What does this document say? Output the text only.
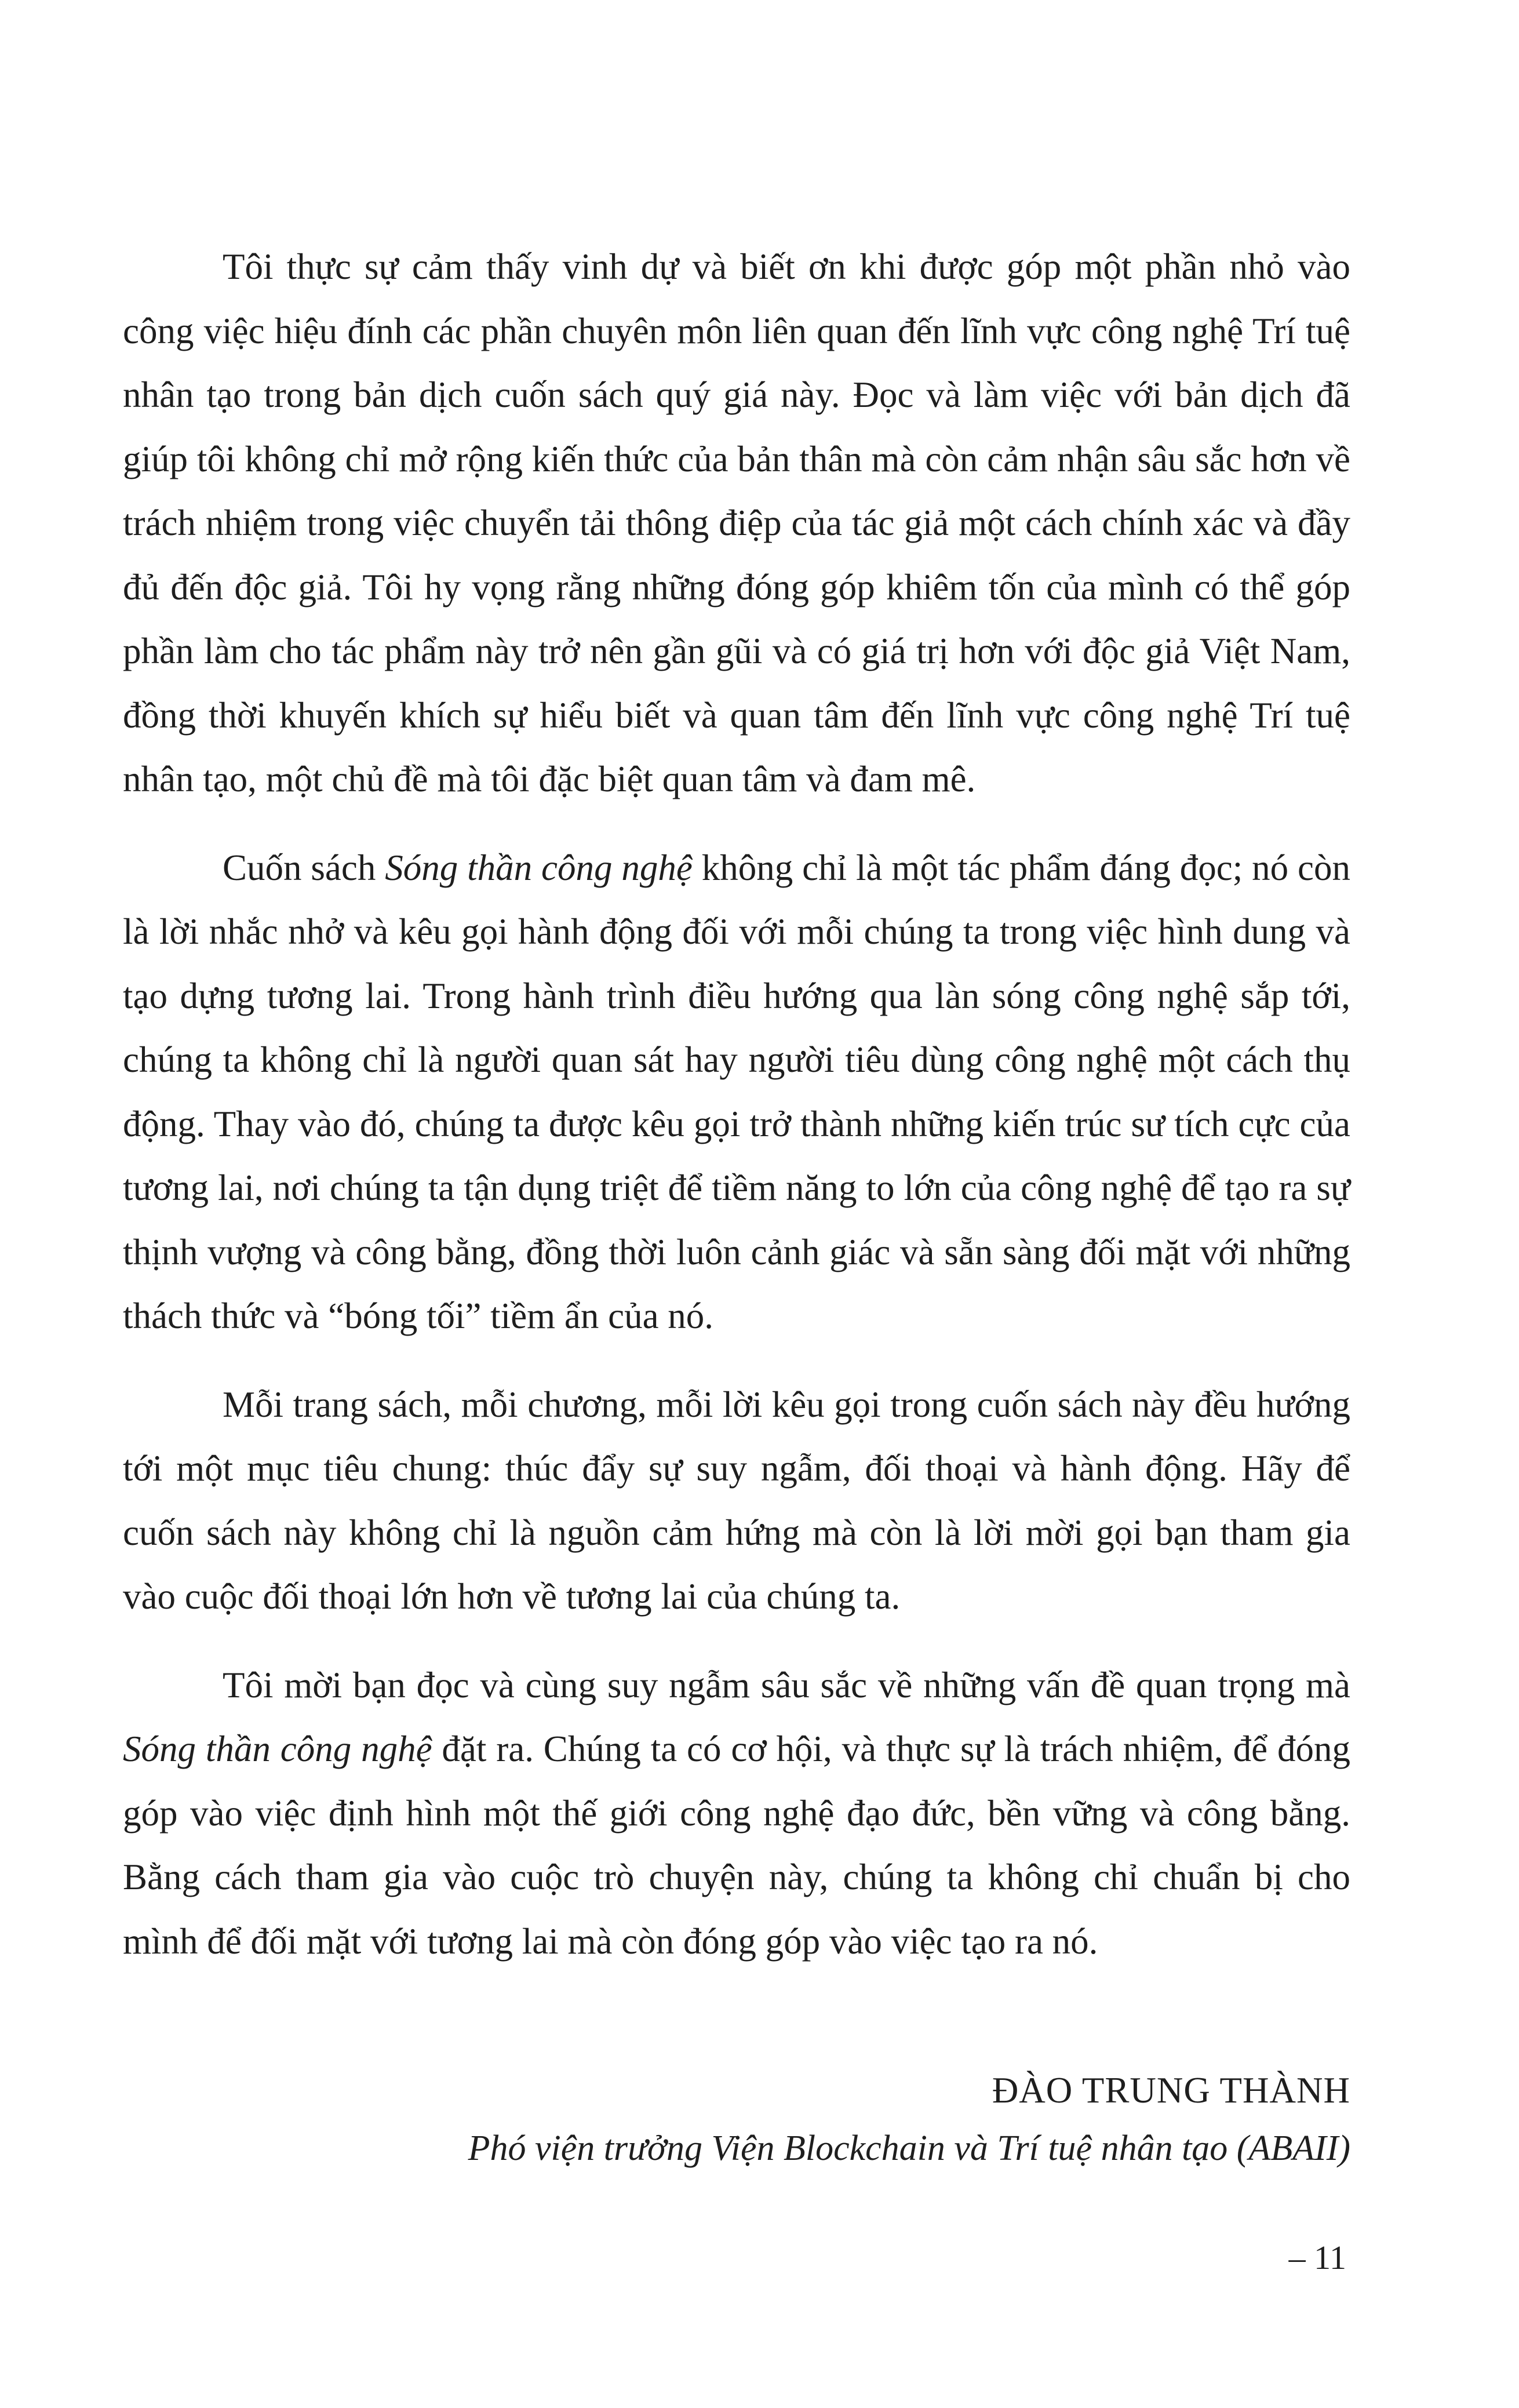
Tôi thực sự cảm thấy vinh dự và biết ơn khi được góp một phần nhỏ vào công việc hiệu đính các phần chuyên môn liên quan đến lĩnh vực công nghệ Trí tuệ nhân tạo trong bản dịch cuốn sách quý giá này. Đọc và làm việc với bản dịch đã giúp tôi không chỉ mở rộng kiến thức của bản thân mà còn cảm nhận sâu sắc hơn về trách nhiệm trong việc chuyển tải thông điệp của tác giả một cách chính xác và đầy đủ đến độc giả. Tôi hy vọng rằng những đóng góp khiêm tốn của mình có thể góp phần làm cho tác phẩm này trở nên gần gũi và có giá trị hơn với độc giả Việt Nam, đồng thời khuyến khích sự hiểu biết và quan tâm đến lĩnh vực công nghệ Trí tuệ nhân tạo, một chủ đề mà tôi đặc biệt quan tâm và đam mê.

Cuốn sách Sóng thần công nghệ không chỉ là một tác phẩm đáng đọc; nó còn là lời nhắc nhở và kêu gọi hành động đối với mỗi chúng ta trong việc hình dung và tạo dựng tương lai. Trong hành trình điều hướng qua làn sóng công nghệ sắp tới, chúng ta không chỉ là người quan sát hay người tiêu dùng công nghệ một cách thụ động. Thay vào đó, chúng ta được kêu gọi trở thành những kiến trúc sư tích cực của tương lai, nơi chúng ta tận dụng triệt để tiềm năng to lớn của công nghệ để tạo ra sự thịnh vượng và công bằng, đồng thời luôn cảnh giác và sẵn sàng đối mặt với những thách thức và “bóng tối” tiềm ẩn của nó.

Mỗi trang sách, mỗi chương, mỗi lời kêu gọi trong cuốn sách này đều hướng tới một mục tiêu chung: thúc đẩy sự suy ngẫm, đối thoại và hành động. Hãy để cuốn sách này không chỉ là nguồn cảm hứng mà còn là lời mời gọi bạn tham gia vào cuộc đối thoại lớn hơn về tương lai của chúng ta.

Tôi mời bạn đọc và cùng suy ngẫm sâu sắc về những vấn đề quan trọng mà Sóng thần công nghệ đặt ra. Chúng ta có cơ hội, và thực sự là trách nhiệm, để đóng góp vào việc định hình một thế giới công nghệ đạo đức, bền vững và công bằng. Bằng cách tham gia vào cuộc trò chuyện này, chúng ta không chỉ chuẩn bị cho mình để đối mặt với tương lai mà còn đóng góp vào việc tạo ra nó.

ĐÀO TRUNG THÀNH
Phó viện trưởng Viện Blockchain và Trí tuệ nhân tạo (ABAII)
– 11
